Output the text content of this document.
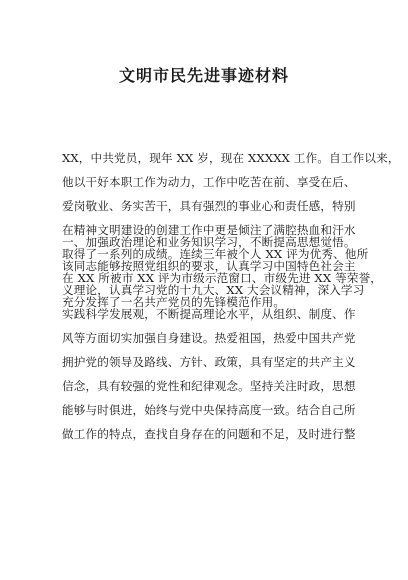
文明市民先进事迹材料
XX，中共党员，现年 XX 岁，现在 XXXXX 工作。自工作以来，
他以干好本职工作为动力，工作中吃苦在前、享受在后、
爱岗敬业、务实苦干，具有强烈的事业心和责任感，特别
在精神文明建设的创建工作中更是倾注了满腔热血和汗水
取得了一系列的成绩。连续三年被个人 XX 评为优秀、他所
在 XX 所被市 XX 评为市级示范窗口、市级先进 XX 等荣誉，
充分发挥了一名共产党员的先锋模范作用。
一、加强政治理论和业务知识学习，不断提高思想觉悟。
该同志能够按照党组织的要求，认真学习中国特色社会主
义理论，认真学习党的十九大、XX 大会议精神，深入学习
实践科学发展观，不断提高理论水平，从组织、制度、作
风等方面切实加强自身建设。热爱祖国，热爱中国共产党
拥护党的领导及路线、方针、政策，具有坚定的共产主义
信念，具有较强的党性和纪律观念。坚持关注时政，思想
能够与时俱进，始终与党中央保持高度一致。结合自己所
做工作的特点，查找自身存在的问题和不足，及时进行整
